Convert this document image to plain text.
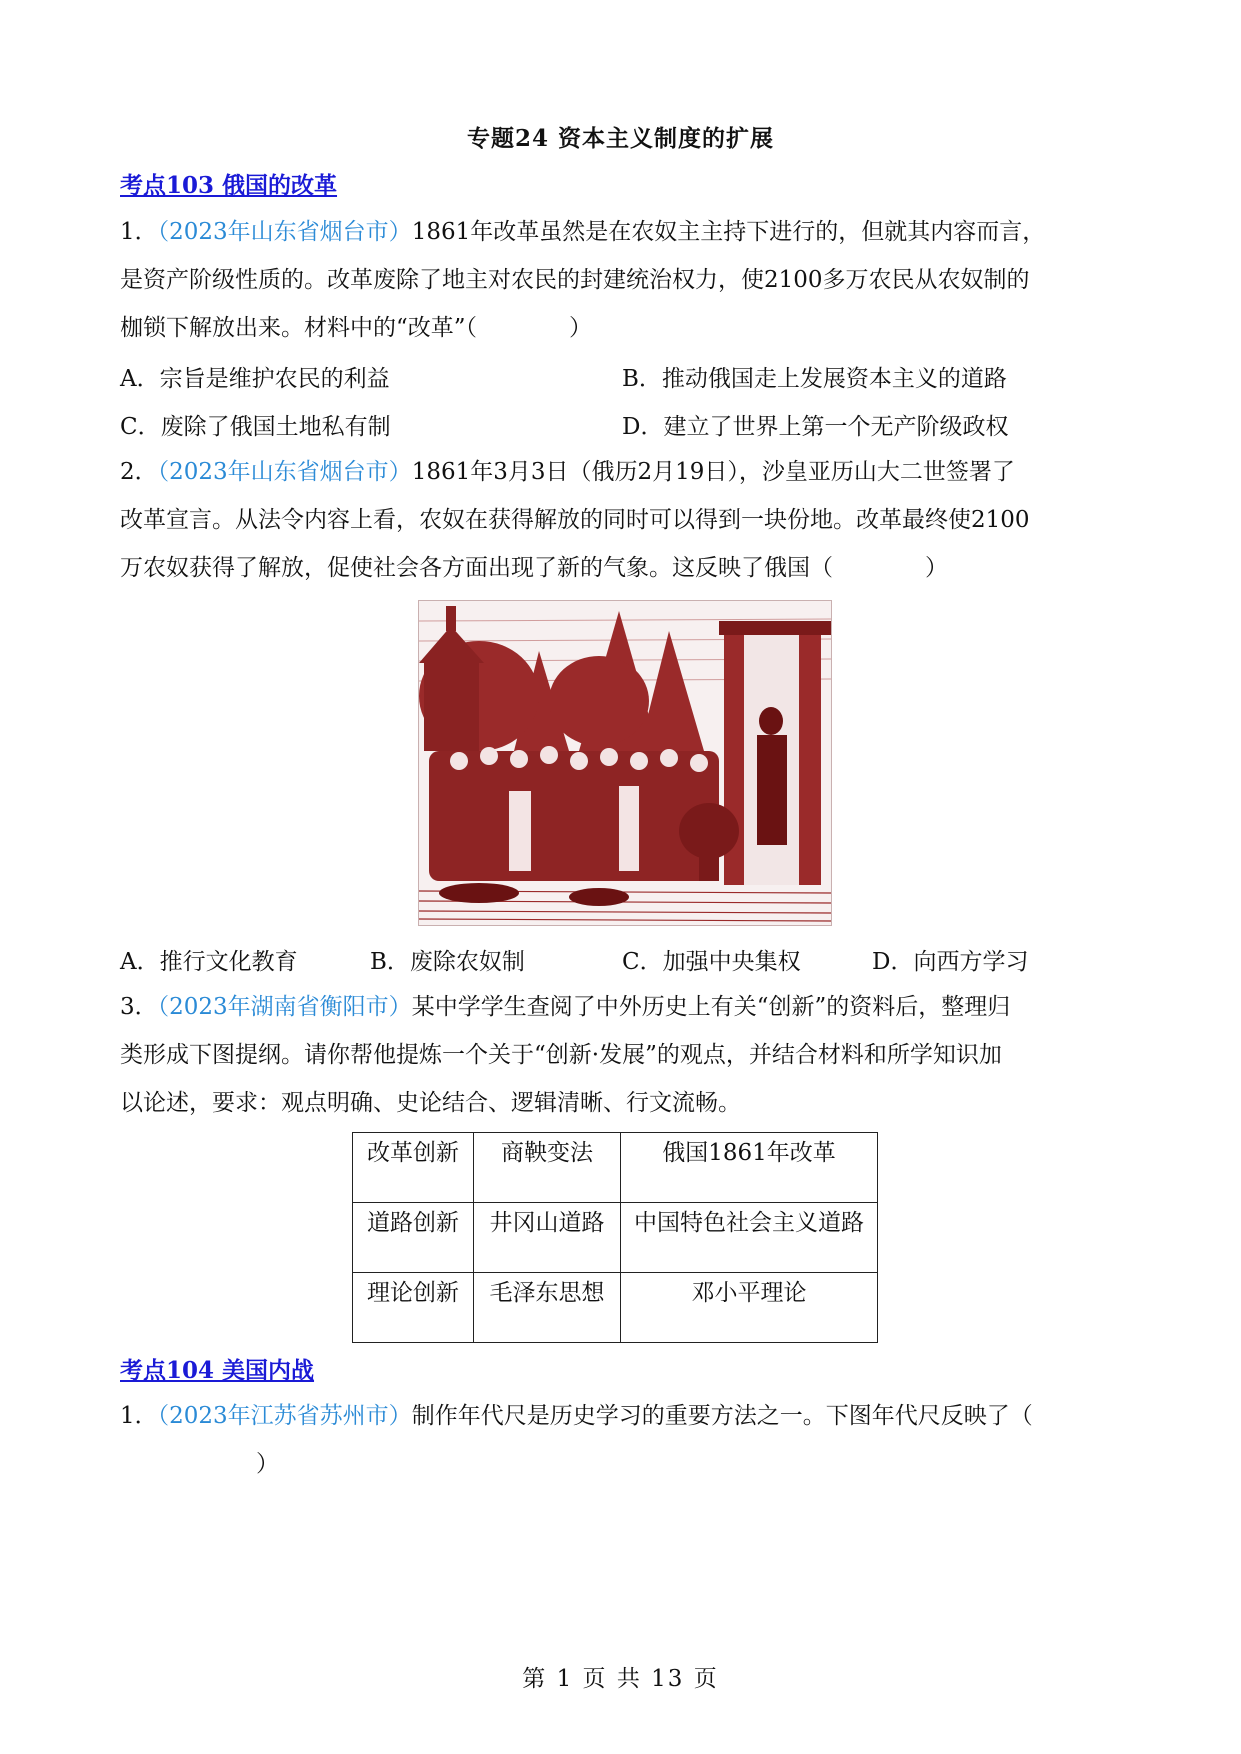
专题24 资本主义制度的扩展
考点103 俄国的改革
1．（2023年山东省烟台市）1861年改革虽然是在农奴主主持下进行的，但就其内容而言，
是资产阶级性质的。改革废除了地主对农民的封建统治权力，使2100多万农民从农奴制的
枷锁下解放出来。材料中的“改革”（　　　　）
A．宗旨是维护农民的利益	B．推动俄国走上发展资本主义的道路
C．废除了俄国土地私有制	D．建立了世界上第一个无产阶级政权
2．（2023年山东省烟台市）1861年3月3日（俄历2月19日），沙皇亚历山大二世签署了
改革宣言。从法令内容上看，农奴在获得解放的同时可以得到一块份地。改革最终使2100
万农奴获得了解放，促使社会各方面出现了新的气象。这反映了俄国（　　　　）
A．推行文化教育	B．废除农奴制	C．加强中央集权	D．向西方学习
3．（2023年湖南省衡阳市）某中学学生查阅了中外历史上有关“创新”的资料后，整理归
类形成下图提纲。请你帮他提炼一个关于“创新·发展”的观点，并结合材料和所学知识加
以论述，要求：观点明确、史论结合、逻辑清晰、行文流畅。
改革创新	商鞅变法	俄国1861年改革
道路创新	井冈山道路	中国特色社会主义道路
理论创新	毛泽东思想	邓小平理论
考点104 美国内战
1．（2023年江苏省苏州市）制作年代尺是历史学习的重要方法之一。下图年代尺反映了（
　　　　）
第 1 页 共 13 页
